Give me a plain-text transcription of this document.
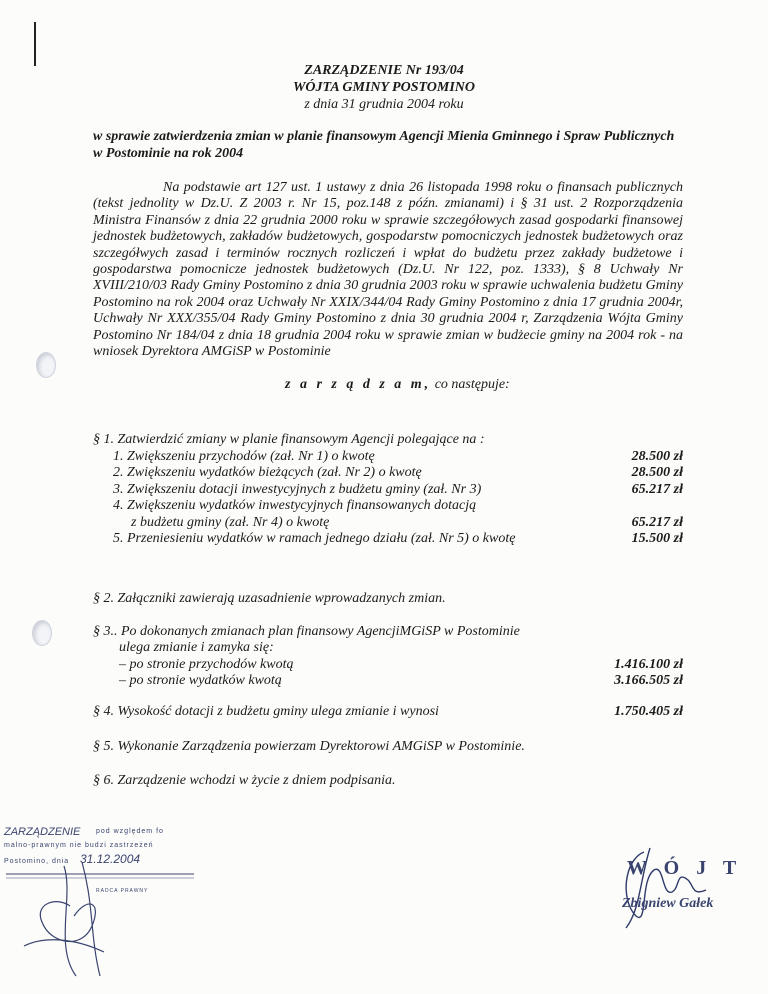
ZARZĄDZENIE Nr 193/04
WÓJTA GMINY POSTOMINO
z dnia 31 grudnia 2004 roku
w sprawie zatwierdzenia zmian w planie finansowym Agencji Mienia Gminnego i Spraw Publicznych w Postominie na rok 2004
Na podstawie art 127 ust. 1 ustawy z dnia 26 listopada 1998 roku o finansach publicznych (tekst jednolity w Dz.U. Z 2003 r. Nr 15, poz.148 z późn. zmianami) i § 31 ust. 2 Rozporządzenia Ministra Finansów z dnia 22 grudnia 2000 roku w sprawie szczegółowych zasad gospodarki finansowej jednostek budżetowych, zakładów budżetowych, gospodarstw pomocniczych jednostek budżetowych oraz szczegółwych zasad i terminów rocznych rozliczeń i wpłat do budżetu przez zakłady budżetowe i gospodarstwa pomocnicze jednostek budżetowych (Dz.U. Nr 122, poz. 1333), § 8 Uchwały Nr XVIII/210/03 Rady Gminy Postomino z dnia 30 grudnia 2003 roku w sprawie uchwalenia budżetu Gminy Postomino na rok 2004 oraz Uchwały Nr XXIX/344/04 Rady Gminy Postomino z dnia 17 grudnia 2004r, Uchwały Nr XXX/355/04 Rady Gminy Postomino z dnia 30 grudnia 2004 r, Zarządzenia Wójta Gminy Postomino Nr 184/04 z dnia 18 grudnia 2004 roku w sprawie zmian w budżecie gminy na 2004 rok - na wniosek Dyrektora AMGiSP w Postominie
z a r z ą d z a m, co następuje:
§ 1. Zatwierdzić zmiany w planie finansowym Agencji polegające na :
1. Zwiększeniu przychodów (zał. Nr 1) o kwotę	28.500 zł
2. Zwiększeniu wydatków bieżących (zał. Nr 2) o kwotę	28.500 zł
3. Zwiększeniu dotacji inwestycyjnych z budżetu gminy (zał. Nr 3)	65.217 zł
4. Zwiększeniu wydatków inwestycyjnych finansowanych dotacją
z budżetu gminy (zał. Nr 4) o kwotę	65.217 zł
5. Przeniesieniu wydatków w ramach jednego działu (zał. Nr 5) o kwotę	15.500 zł
§ 2. Załączniki zawierają uzasadnienie wprowadzanych zmian.
§ 3.. Po dokonanych zmianach plan finansowy AgencjiMGiSP w Postominie
ulega zmianie i zamyka się:
– po stronie przychodów kwotą	1.416.100 zł
– po stronie wydatków kwotą	3.166.505 zł
§ 4. Wysokość dotacji z budżetu gminy ulega zmianie i wynosi	1.750.405 zł
§ 5. Wykonanie Zarządzenia powierzam Dyrektorowi AMGiSP w Postominie.
§ 6. Zarządzenie wchodzi w życie z dniem podpisania.
ZARZĄDZENIE pod względem fo
malno-prawnym nie budzi zastrzeżeń
Postomino, dnia 31.12.2004
RADCA PRAWNY
W Ó J T
Zbigniew Gałek
